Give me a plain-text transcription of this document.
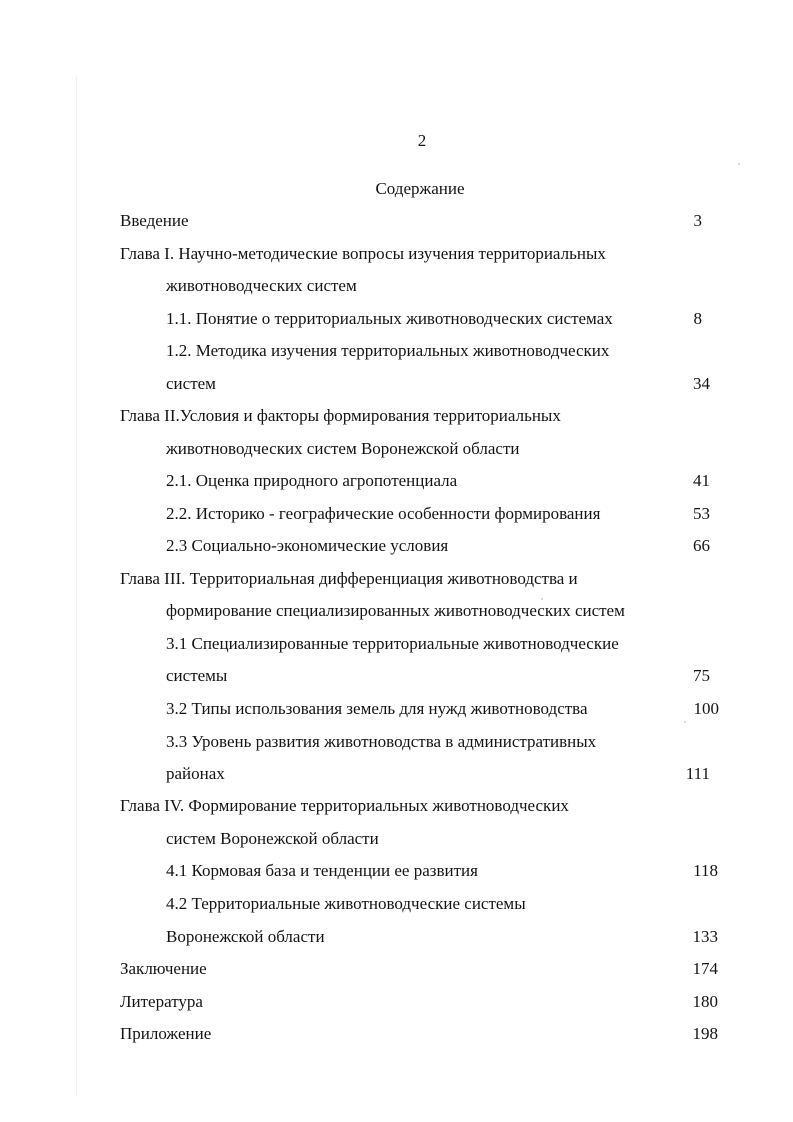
2
Содержание
Введение	3
Глава I. Научно-методические вопросы изучения территориальных
животноводческих систем
1.1. Понятие о территориальных животноводческих системах	8
1.2. Методика изучения территориальных животноводческих
систем	34
Глава II.Условия и факторы формирования территориальных
животноводческих систем Воронежской области
2.1. Оценка природного агропотенциала	41
2.2. Историко - географические особенности формирования	53
2.3 Социально-экономические условия	66
Глава III. Территориальная дифференциация животноводства и
формирование специализированных животноводческих систем
3.1 Специализированные территориальные животноводческие
системы	75
3.2 Типы использования земель для нужд животноводства	100
3.3 Уровень развития животноводства в административных
районах	111
Глава IV. Формирование территориальных животноводческих
систем Воронежской области
4.1 Кормовая база и тенденции ее развития	118
4.2 Территориальные животноводческие системы
Воронежской области	133
Заключение	174
Литература	180
Приложение	198
